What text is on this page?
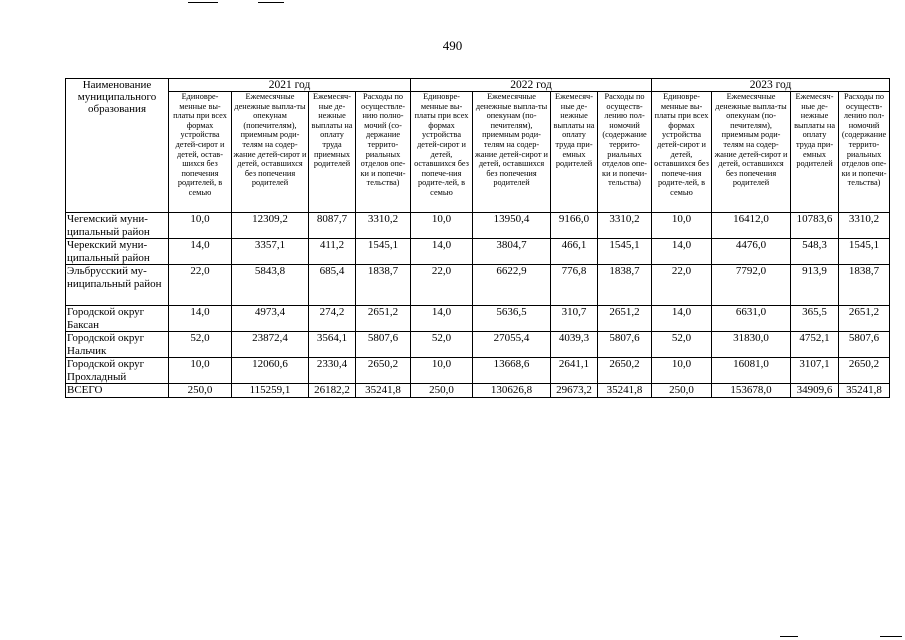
490
Наименование муниципального образования	2021 год				2022 год				2023 год			
	Единовре-менные вы-платы при всех формах устройства детей-сирот и детей, остав-шихся без попечения родителей, в семью	Ежемесячные денежные выпла-ты опекунам (попечителям), приемным роди-телям на содер-жание детей-сирот и детей, оставшихся без попечения родителей	Ежемесяч-ные де-нежные выплаты на оплату труда приемных родителей	Расходы по осуществле-нию полно-мочий (со-держание террито-риальных отделов опе-ки и попечи-тельства)	Единовре-менные вы-платы при всех формах устройства детей-сирот и детей, оставшихся без попече-ния родите-лей, в семью	Ежемесячные денежные выпла-ты опекунам (по-печителям), приемным роди-телям на содер-жание детей-сирот и детей, оставшихся без попечения родителей	Ежемесяч-ные де-нежные выплаты на оплату труда при-емных родителей	Расходы по осуществ-лению пол-номочий (содержание террито-риальных отделов опе-ки и попечи-тельства)	Единовре-менные вы-платы при всех формах устройства детей-сирот и детей, оставшихся без попече-ния родите-лей, в семью	Ежемесячные денежные выпла-ты опекунам (по-печителям), приемным роди-телям на содер-жание детей-сирот и детей, оставшихся без попечения родителей	Ежемесяч-ные де-нежные выплаты на оплату труда при-емных родителей	Расходы по осуществ-лению пол-номочий (содержание террито-риальных отделов опе-ки и попечи-тельства)
Чегемский муни-ципальный район	10,0	12309,2	8087,7	3310,2	10,0	13950,4	9166,0	3310,2	10,0	16412,0	10783,6	3310,2
Черекский муни-ципальный район	14,0	3357,1	411,2	1545,1	14,0	3804,7	466,1	1545,1	14,0	4476,0	548,3	1545,1
Эльбрусский му-ниципальный район	22,0	5843,8	685,4	1838,7	22,0	6622,9	776,8	1838,7	22,0	7792,0	913,9	1838,7
Городской округ Баксан	14,0	4973,4	274,2	2651,2	14,0	5636,5	310,7	2651,2	14,0	6631,0	365,5	2651,2
Городской округ Нальчик	52,0	23872,4	3564,1	5807,6	52,0	27055,4	4039,3	5807,6	52,0	31830,0	4752,1	5807,6
Городской округ Прохладный	10,0	12060,6	2330,4	2650,2	10,0	13668,6	2641,1	2650,2	10,0	16081,0	3107,1	2650,2
ВСЕГО	250,0	115259,1	26182,2	35241,8	250,0	130626,8	29673,2	35241,8	250,0	153678,0	34909,6	35241,8
